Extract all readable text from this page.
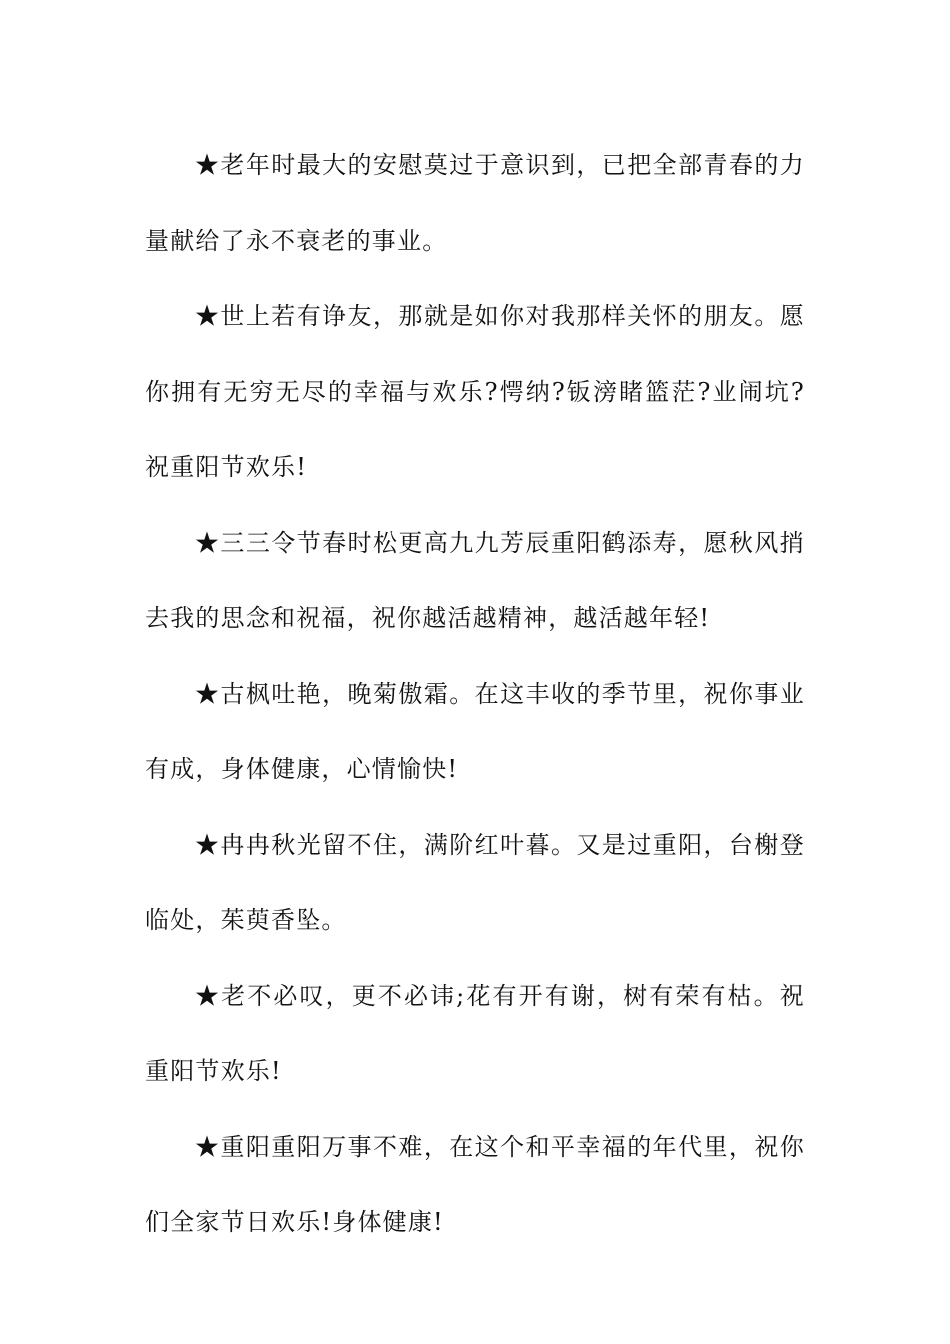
★老年时最大的安慰莫过于意识到，已把全部青春的力量献给了永不衰老的事业。

★世上若有诤友，那就是如你对我那样关怀的朋友。愿你拥有无穷无尽的幸福与欢乐?愕纳?钣滂睹篮茫?业闹坑?祝重阳节欢乐!

★三三令节春时松更高九九芳辰重阳鹤添寿，愿秋风捎去我的思念和祝福，祝你越活越精神，越活越年轻!

★古枫吐艳，晚菊傲霜。在这丰收的季节里，祝你事业有成，身体健康，心情愉快!

★冉冉秋光留不住，满阶红叶暮。又是过重阳，台榭登临处，茱萸香坠。

★老不必叹，更不必讳;花有开有谢，树有荣有枯。祝重阳节欢乐!

★重阳重阳万事不难，在这个和平幸福的年代里，祝你们全家节日欢乐!身体健康!
